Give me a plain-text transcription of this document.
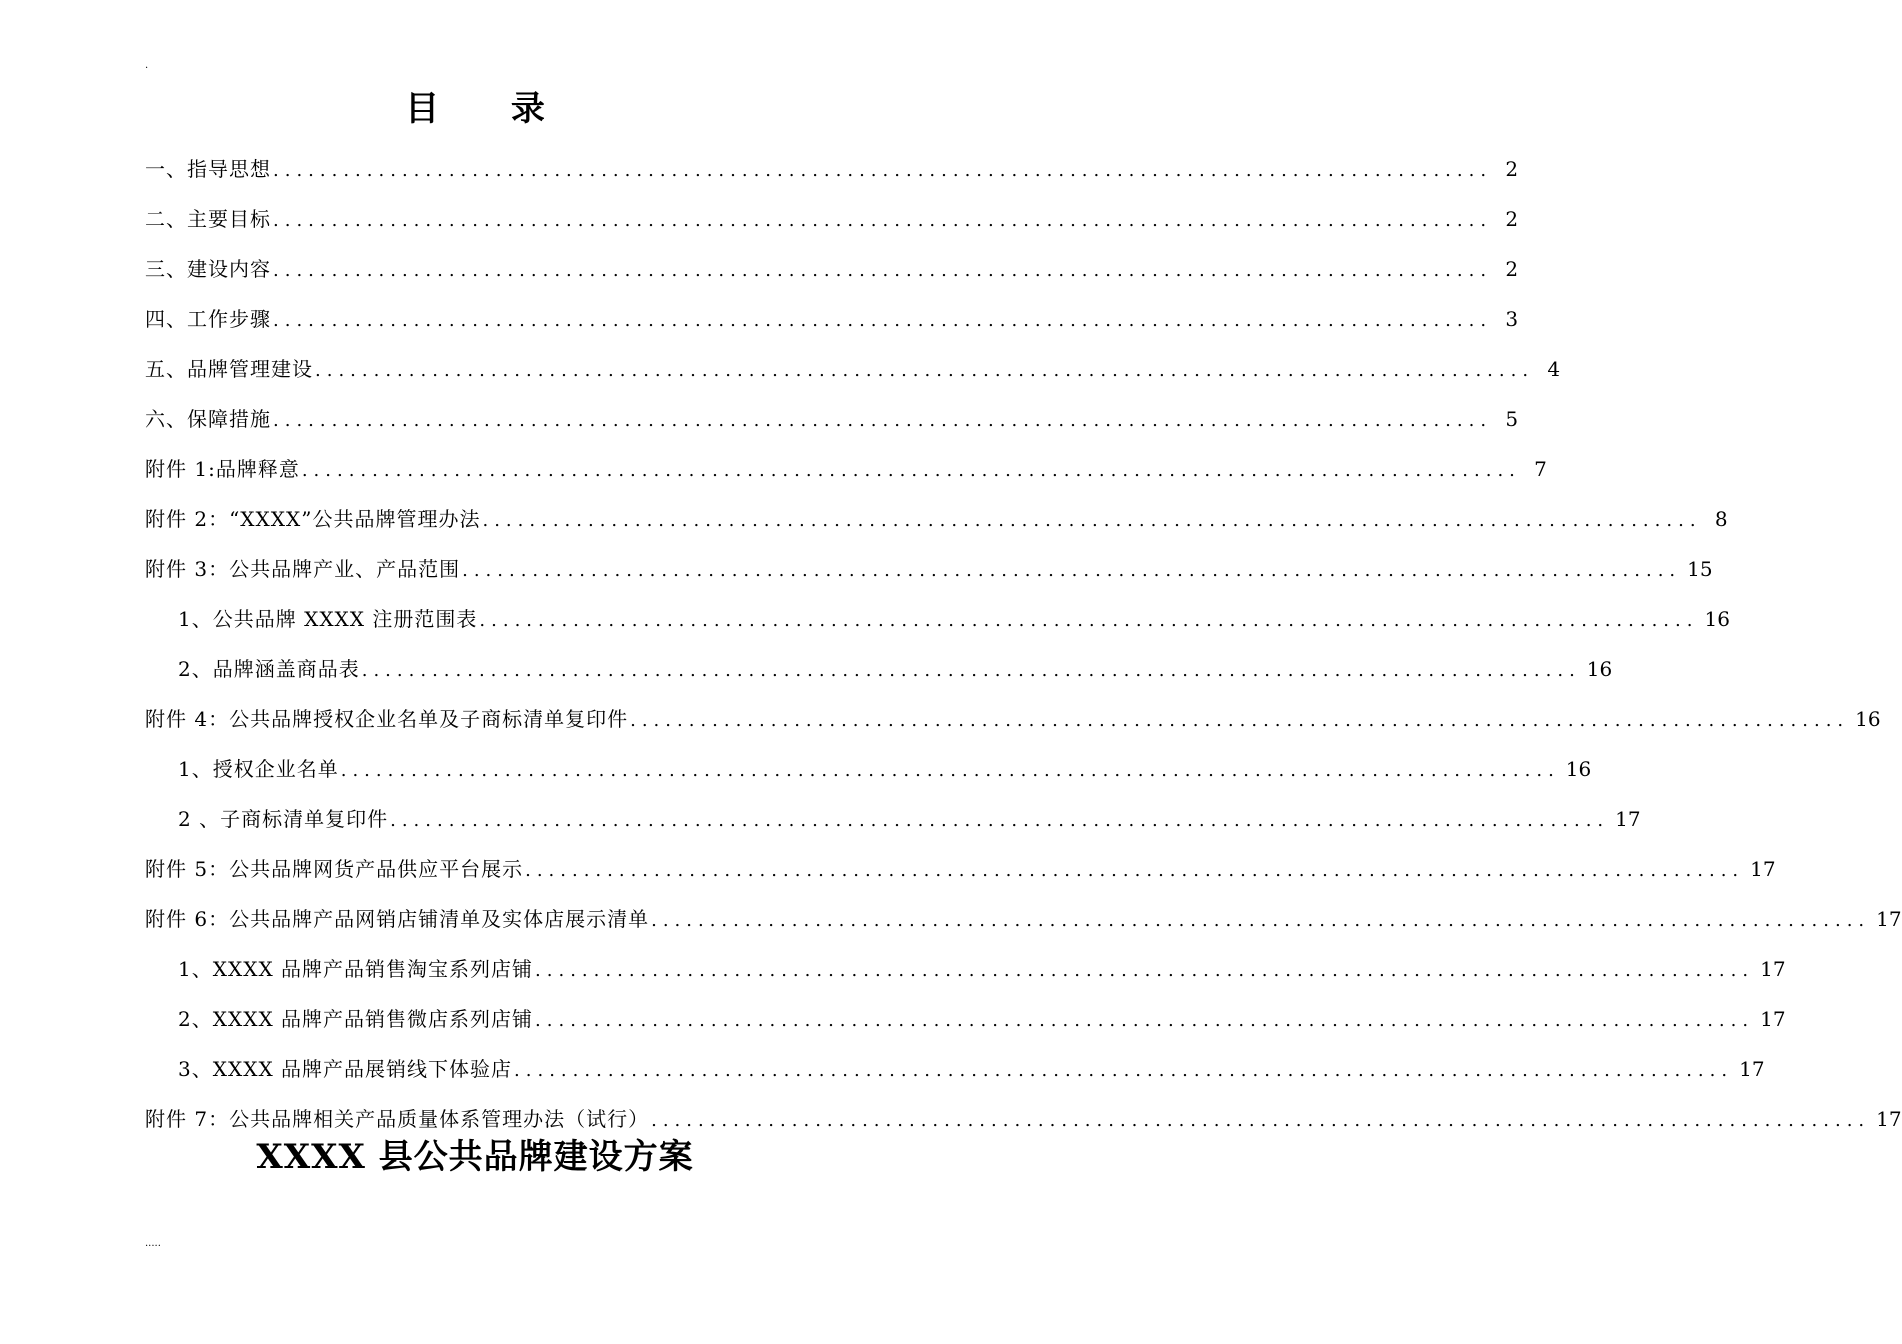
.
目 录
一、指导思想 ........................................................................................................ 2
二、主要目标 ........................................................................................................ 2
三、建设内容 ........................................................................................................ 2
四、工作步骤 ........................................................................................................ 3
五、品牌管理建设 ........................................................................................................ 4
六、保障措施 ........................................................................................................ 5
附件 1:品牌释意 ........................................................................................................ 7
附件 2：“XXXX”公共品牌管理办法 ........................................................................................................ 8
附件 3：公共品牌产业、产品范围 ........................................................................................................ 15
1、公共品牌 XXXX 注册范围表 ........................................................................................................ 16
2、品牌涵盖商品表 ........................................................................................................ 16
附件 4：公共品牌授权企业名单及子商标清单复印件 ........................................................................................................ 16
1、授权企业名单 ........................................................................................................ 16
2 、子商标清单复印件 ........................................................................................................ 17
附件 5：公共品牌网货产品供应平台展示 ........................................................................................................ 17
附件 6：公共品牌产品网销店铺清单及实体店展示清单 ........................................................................................................ 17
1、XXXX 品牌产品销售淘宝系列店铺 ........................................................................................................ 17
2、XXXX 品牌产品销售微店系列店铺 ........................................................................................................ 17
3、XXXX 品牌产品展销线下体验店 ........................................................................................................ 17
附件 7：公共品牌相关产品质量体系管理办法（试行） ........................................................................................................ 17
XXXX 县公共品牌建设方案
.....
